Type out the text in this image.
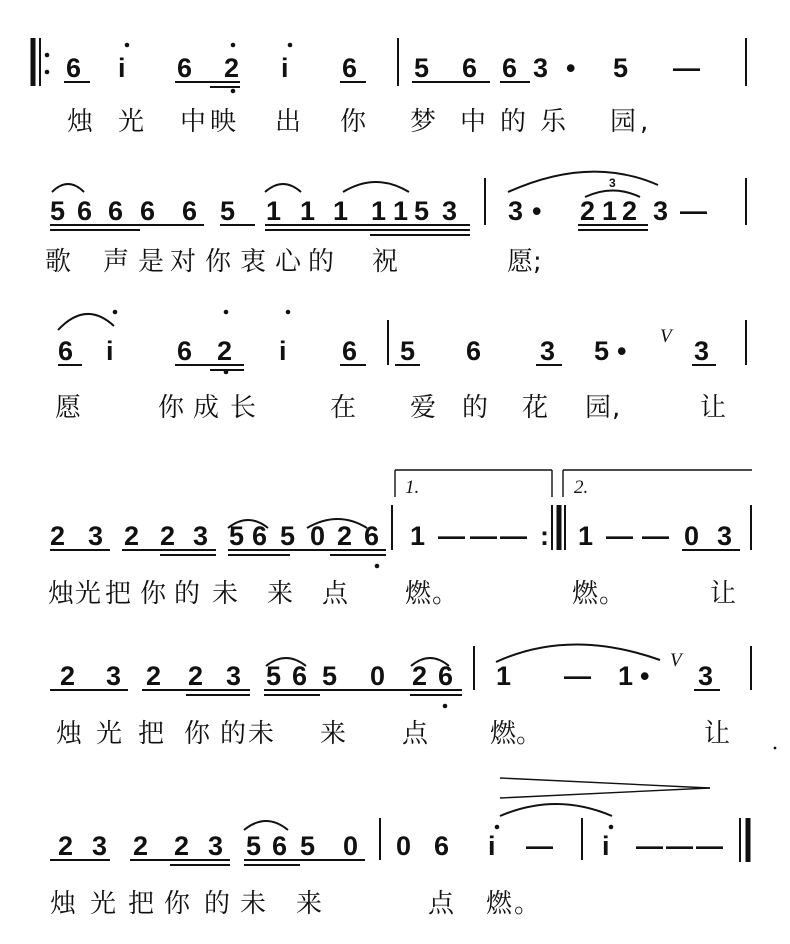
6 i 6 2 i 6 5 6 6 3 • 5 —
烛 光 中 映 出 你 梦 中 的 乐 园 ,
5 6 6 6 6 5 1 1 1 1 1 5 3 3 • 2 1 2 3 —
3
歌 声 是 对 你 衷 心 的 祝	愿 ;
6 i 6 2 i 6 5 6 3 5 • V 3
愿	你 成 长	在 爱 的 花 园 ,	让
1.	2.
2 3 2 2 3 5 6 5 0 2 6 1 — — — : 1 — — 0 3
烛 光 把 你 的 未 来 点 燃 。	燃 。	让
2 3 2 2 3 5 6 5 0 2 6 1 — 1 •
V
3
烛 光 把 你 的 未 来 点 燃 。	让
2 3 2 2 3 5 6 5 0 0 6 i — i — — —
烛 光 把 你 的 未 来	点 燃 。
